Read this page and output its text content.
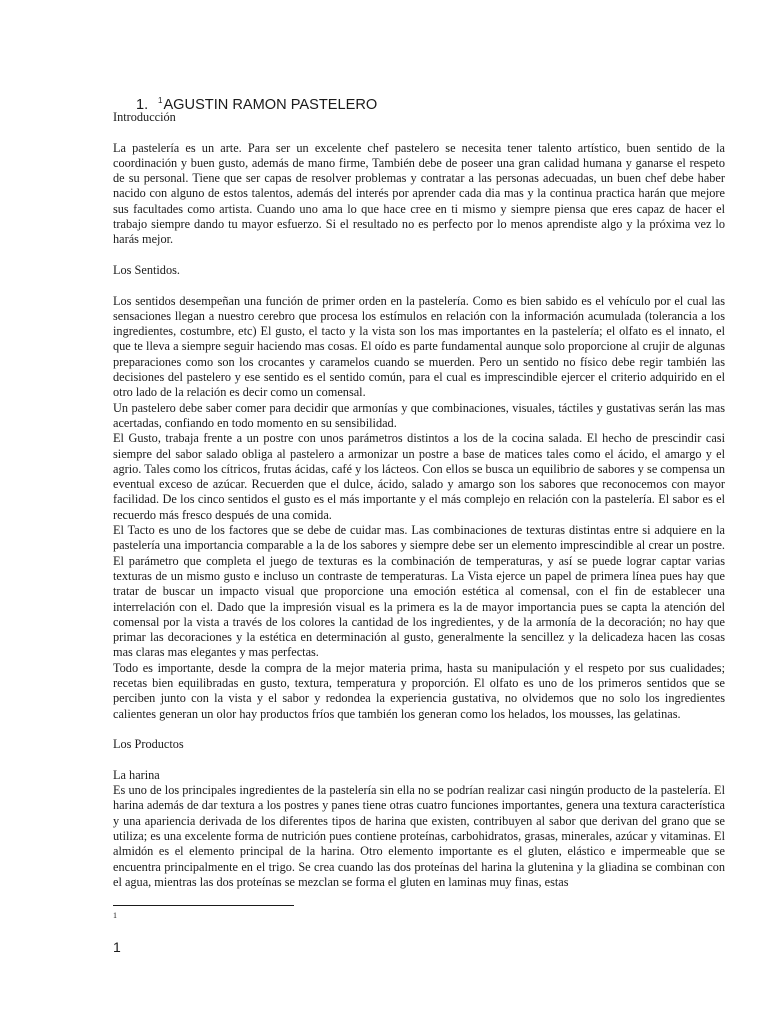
1. $^1$AGUSTIN RAMON PASTELERO

Introducción

La pastelería es un arte. Para ser un excelente chef pastelero se necesita tener talento artístico, buen sentido de la coordinación y buen gusto, además de mano firme, También debe de poseer una gran calidad humana y ganarse el respeto de su personal. Tiene que ser capas de resolver problemas y contratar a las personas adecuadas, un buen chef debe haber nacido con alguno de estos talentos, además del interés por aprender cada dia mas y la continua practica harán que mejore sus facultades como artista. Cuando uno ama lo que hace cree en ti mismo y siempre piensa que eres capaz de hacer el trabajo siempre dando tu mayor esfuerzo. Si el resultado no es perfecto por lo menos aprendiste algo y la próxima vez lo harás mejor.

Los Sentidos.

Los sentidos desempeñan una función de primer orden en la pastelería. Como es bien sabido es el vehículo por el cual las sensaciones llegan a nuestro cerebro que procesa los estímulos en relación con la información acumulada (tolerancia a los ingredientes, costumbre, etc) El gusto, el tacto y la vista son los mas importantes en la pastelería; el olfato es el innato, el que te lleva a siempre seguir haciendo mas cosas. El oído es parte fundamental aunque solo proporcione al crujir de algunas preparaciones como son los crocantes y caramelos cuando se muerden. Pero un sentido no físico debe regir también las decisiones del pastelero y ese sentido es el sentido común, para el cual es imprescindible ejercer el criterio adquirido en el otro lado de la relación es decir como un comensal.

Un pastelero debe saber comer para decidir que armonías y que combinaciones, visuales, táctiles y gustativas serán las mas acertadas, confiando en todo momento en su sensibilidad.

El Gusto, trabaja frente a un postre con unos parámetros distintos a los de la cocina salada. El hecho de prescindir casi siempre del sabor salado obliga al pastelero a armonizar un postre a base de matices tales como el ácido, el amargo y el agrio. Tales como los cítricos, frutas ácidas, café y los lácteos. Con ellos se busca un equilibrio de sabores y se compensa un eventual exceso de azúcar. Recuerden que el dulce, ácido, salado y amargo son los sabores que reconocemos con mayor facilidad. De los cinco sentidos el gusto es el más importante y el más complejo en relación con la pastelería. El sabor es el recuerdo más fresco después de una comida.

El Tacto es uno de los factores que se debe de cuidar mas. Las combinaciones de texturas distintas entre si adquiere en la pastelería una importancia comparable a la de los sabores y siempre debe ser un elemento imprescindible al crear un postre. El parámetro que completa el juego de texturas es la combinación de temperaturas, y así se puede lograr captar varias texturas de un mismo gusto e incluso un contraste de temperaturas. La Vista ejerce un papel de primera línea pues hay que tratar de buscar un impacto visual que proporcione una emoción estética al comensal, con el fin de establecer una interrelación con el. Dado que la impresión visual es la primera es la de mayor importancia pues se capta la atención del comensal por la vista a través de los colores la cantidad de los ingredientes, y de la armonía de la decoración; no hay que primar las decoraciones y la estética en determinación al gusto, generalmente la sencillez y la delicadeza hacen las cosas mas claras mas elegantes y mas perfectas.

Todo es importante, desde la compra de la mejor materia prima, hasta su manipulación y el respeto por sus cualidades; recetas bien equilibradas en gusto, textura, temperatura y proporción. El olfato es uno de los primeros sentidos que se perciben junto con la vista y el sabor y redondea la experiencia gustativa, no olvidemos que no solo los ingredientes calientes generan un olor hay productos fríos que también los generan como los helados, los mousses, las gelatinas.

Los Productos

La harina

Es uno de los principales ingredientes de la pastelería sin ella no se podrían realizar casi ningún producto de la pastelería. El harina además de dar textura a los postres y panes tiene otras cuatro funciones importantes, genera una textura característica y una apariencia derivada de los diferentes tipos de harina que existen, contribuyen al sabor que derivan del grano que se utiliza; es una excelente forma de nutrición pues contiene proteínas, carbohidratos, grasas, minerales, azúcar y vitaminas. El almidón es el elemento principal de la harina. Otro elemento importante es el gluten, elástico e impermeable que se encuentra principalmente en el trigo. Se crea cuando las dos proteínas del harina la glutenina y la gliadina se combinan con el agua, mientras las dos proteínas se mezclan se forma el gluten en laminas muy finas, estas

1
1
